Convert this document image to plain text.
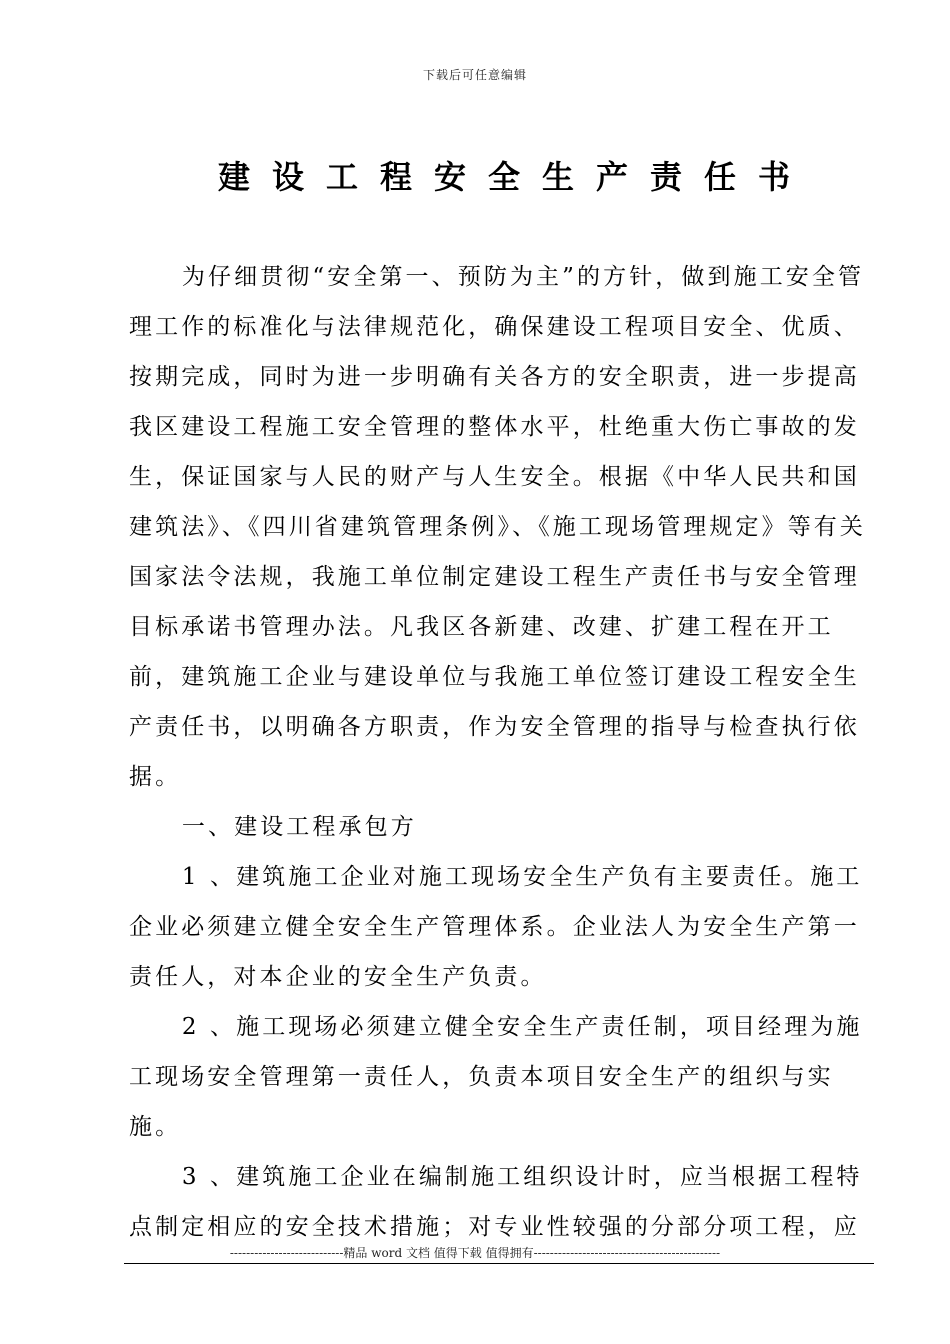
下载后可任意编辑
建设工程安全生产责任书

为仔细贯彻“安全第一、预防为主”的方针，做到施工安全管理工作的标准化与法律规范化，确保建设工程项目安全、优质、按期完成，同时为进一步明确有关各方的安全职责，进一步提高我区建设工程施工安全管理的整体水平，杜绝重大伤亡事故的发生，保证国家与人民的财产与人生安全。根据《中华人民共和国建筑法》、《四川省建筑管理条例》、《施工现场管理规定》等有关国家法令法规，我施工单位制定建设工程生产责任书与安全管理目标承诺书管理办法。凡我区各新建、改建、扩建工程在开工前，建筑施工企业与建设单位与我施工单位签订建设工程安全生产责任书，以明确各方职责，作为安全管理的指导与检查执行依据。

一、建设工程承包方

1 、建筑施工企业对施工现场安全生产负有主要责任。施工企业必须建立健全安全生产管理体系。企业法人为安全生产第一责任人，对本企业的安全生产负责。

2 、施工现场必须建立健全安全生产责任制，项目经理为施工现场安全管理第一责任人，负责本项目安全生产的组织与实施。

3 、建筑施工企业在编制施工组织设计时，应当根据工程特点制定相应的安全技术措施；对专业性较强的分部分项工程，应

----------------------------精品 word 文档 值得下载 值得拥有----------------------------------------------
